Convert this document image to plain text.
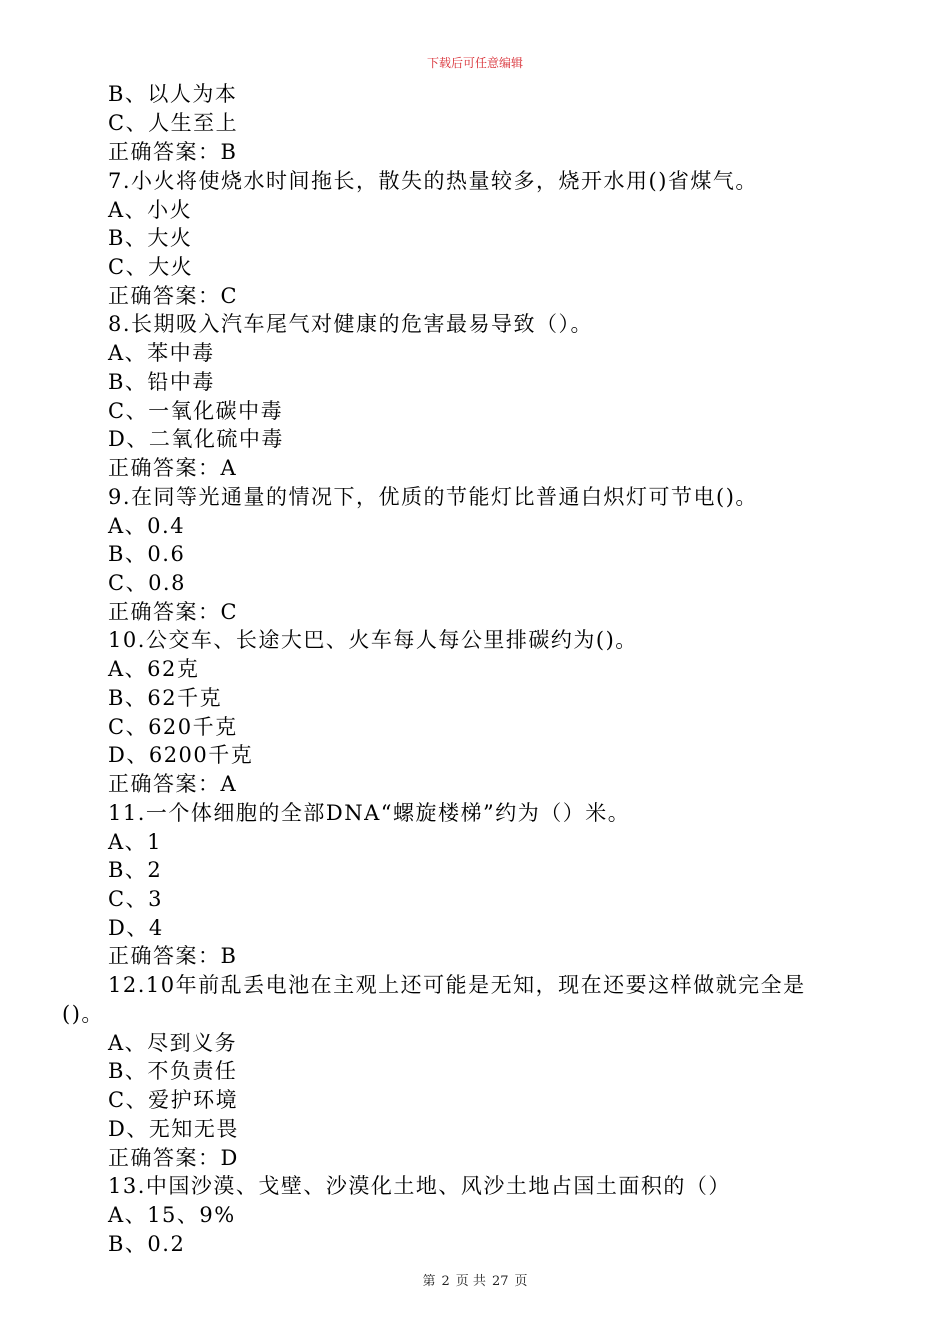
下载后可任意编辑
B、以人为本
C、人生至上
正确答案：B
7.小火将使烧水时间拖长，散失的热量较多，烧开水用()省煤气。
A、小火
B、大火
C、大火
正确答案：C
8.长期吸入汽车尾气对健康的危害最易导致（）。
A、苯中毒
B、铅中毒
C、一氧化碳中毒
D、二氧化硫中毒
正确答案：A
9.在同等光通量的情况下，优质的节能灯比普通白炽灯可节电()。
A、0.4
B、0.6
C、0.8
正确答案：C
10.公交车、长途大巴、火车每人每公里排碳约为()。
A、62克
B、62千克
C、620千克
D、6200千克
正确答案：A
11.一个体细胞的全部DNA“螺旋楼梯”约为（）米。
A、1
B、2
C、3
D、4
正确答案：B
12.10年前乱丢电池在主观上还可能是无知，现在还要这样做就完全是
()。
A、尽到义务
B、不负责任
C、爱护环境
D、无知无畏
正确答案：D
13.中国沙漠、戈壁、沙漠化土地、风沙土地占国土面积的（）
A、15、9%
B、0.2
第 2 页 共 27 页
